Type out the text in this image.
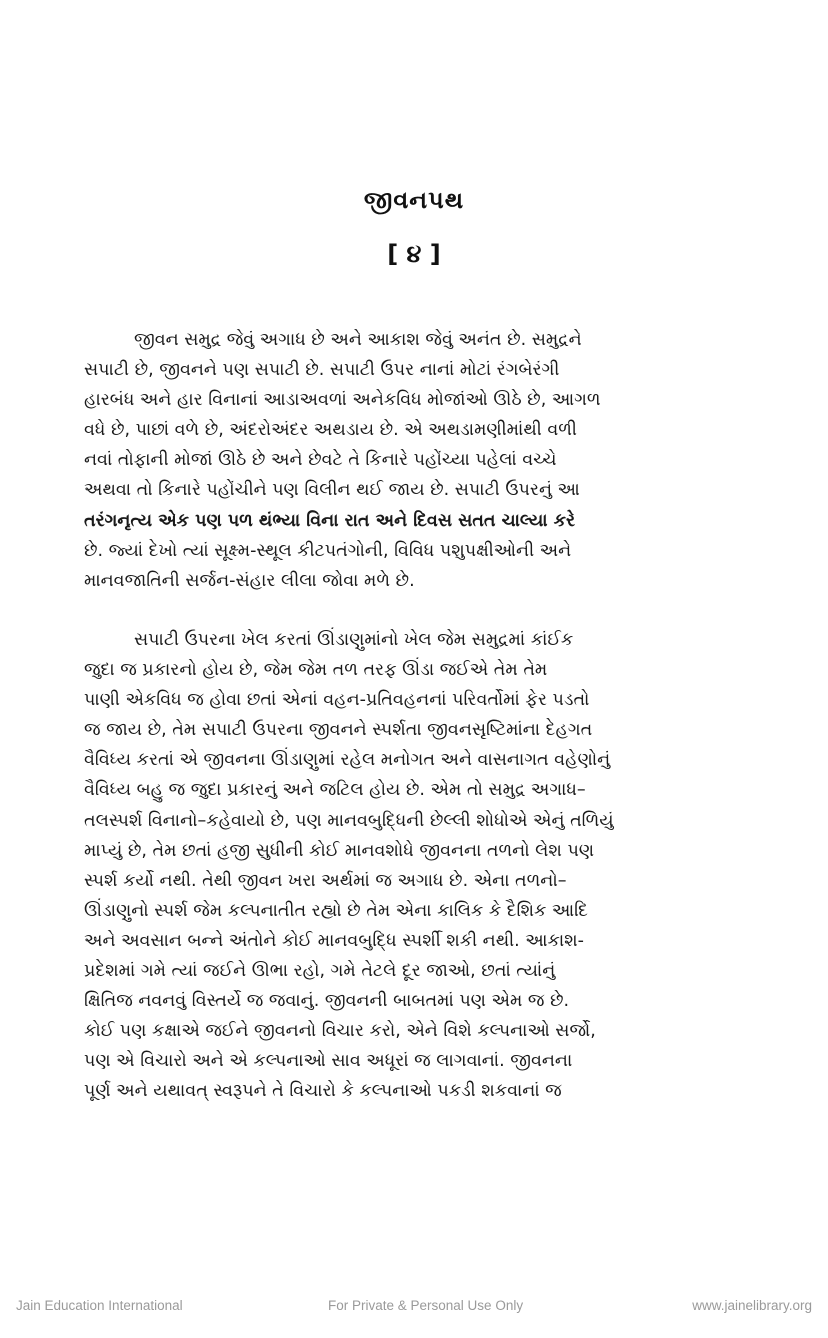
જીવનપથ
[ ૪ ]
જીવન સમુદ્ર જેવું અગાધ છે અને આકાશ જેવું અનંત છે. સમુદ્રને
સપાટી છે, જીવનને પણ સપાટી છે. સપાટી ઉપર નાનાં મોટાં રંગબેરંગી
હારબંધ અને હાર વિનાનાં આડાઅવળાં અનેકવિધ મોજાંઓ ઊઠે છે, આગળ
વધે છે, પાછાં વળે છે, અંદરોઅંદર અથડાય છે. એ અથડામણીમાંથી વળી
નવાં તોફાની મોજાં ઊઠે છે અને છેવટે તે કિનારે પહોંચ્યા પહેલાં વચ્ચે
અથવા તો કિનારે પહોંચીને પણ વિલીન થઈ જાય છે. સપાટી ઉપરનું આ
તરંગનૃત્ય એક પણ પળ થંભ્યા વિના રાત અને દિવસ સતત ચાલ્યા કરે
છે. જ્યાં દેખો ત્યાં સૂક્ષ્મ-સ્થૂલ કીટપતંગોની, વિવિધ પશુપક્ષીઓની અને
માનવજાતિની સર્જન-સંહાર લીલા જોવા મળે છે.
સપાટી ઉપરના ખેલ કરતાં ઊંડાણુમાંનો ખેલ જેમ સમુદ્રમાં કાંઈક
જુદા જ પ્રકારનો હોય છે, જેમ જેમ તળ તરફ ઊંડા જઈએ તેમ તેમ
પાણી એકવિધ જ હોવા છતાં એનાં વહન-પ્રતિવહનનાં પરિવર્તોમાં ફેર પડતો
જ જાય છે, તેમ સપાટી ઉપરના જીવનને સ્પર્શતા જીવનસૃષ્ટિમાંના દેહગત
વૈવિધ્ય કરતાં એ જીવનના ઊંડાણુમાં રહેલ મનોગત અને વાસનાગત વહેણોનું
વૈવિધ્ય બહુ જ જુદા પ્રકારનું અને જટિલ હોય છે. એમ તો સમુદ્ર અગાધ–
તલસ્પર્શ વિનાનો–કહેવાયો છે, પણ માનવબુદ્ધિની છેલ્લી શોધોએ એનું તળિયું
માપ્યું છે, તેમ છતાં હજી સુધીની કોઈ માનવશોધે જીવનના તળનો લેશ પણ
સ્પર્શ કર્યો નથી. તેથી જીવન ખરા અર્થમાં જ અગાધ છે. એના તળનો–
ઊંડાણુનો સ્પર્શ જેમ કલ્પનાતીત રહ્યો છે તેમ એના કાલિક કે દૈશિક આદિ
અને અવસાન બન્ને અંતોને કોઈ માનવબુદ્ધિ સ્પર્શી શકી નથી. આકાશ-
પ્રદેશમાં ગમે ત્યાં જઈને ઊભા રહો, ગમે તેટલે દૂર જાઓ, છતાં ત્યાંનું
ક્ષિતિજ નવનવું વિસ્તર્યે જ જવાનું. જીવનની બાબતમાં પણ એમ જ છે.
કોઈ પણ કક્ષાએ જઈને જીવનનો વિચાર કરો, એને વિશે કલ્પનાઓ સર્જો,
પણ એ વિચારો અને એ કલ્પનાઓ સાવ અધૂરાં જ લાગવાનાં. જીવનના
પૂર્ણ અને યથાવત્ સ્વરૂપને તે વિચારો કે કલ્પનાઓ પકડી શકવાનાં જ
Jain Education International	For Private & Personal Use Only	www.jainelibrary.org
